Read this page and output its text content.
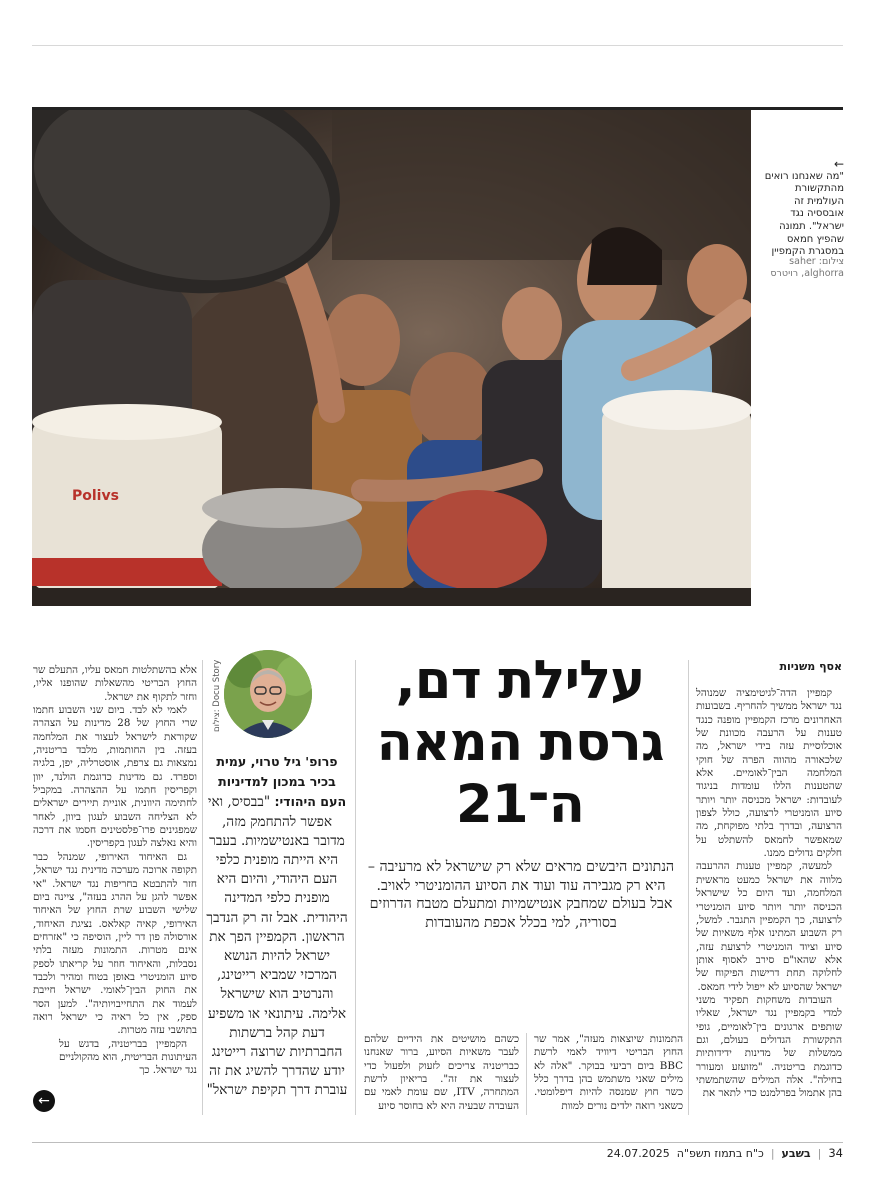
Polivs
←
"מה שאנחנו רואים מהתקשורת העולמית זה אובססיה נגד ישראל". תמונה שהפיץ חמאס במסגרת הקמפיין
צילום: saher alghorra, רויטרס
אסף משניות

קמפיין הדה־לגיטימציה שמנוהל נגד ישראל ממשיך להחריף. בשבועות האחרונים מרכז הקמפיין מופנה כנגד טענות על הרעבה מכוונת של אוכלוסיית עזה בידי ישראל, מה שלכאורה מהווה הפרה של חוקי המלחמה הבין־לאומיים. אלא שהטענות הללו עומדות בניגוד לעובדות: ישראל מכניסה יותר ויותר סיוע הומניטרי לרצועה, כולל לצפון הרצועה, ובדרך בלתי מפוקחת, מה שמאפשר לחמאס להשתלט על חלקים גדולים ממנו.

למעשה, קמפיין טענות ההרעבה מלווה את ישראל כמעט מראשית המלחמה, ועד היום כל שישראל הכניסה יותר ויותר סיוע הומניטרי לרצועה, כך הקמפיין התגבר. למשל, רק השבוע המתינו אלף משאיות של סיוע וציוד הומניטרי לרצועת עזה, אלא שהאו"ם סירב לאסוף אותן לחלוקה תחת דרישות הפיקוח של ישראל שהסיוע לא ייפול לידי חמאס.

העובדות משחקות תפקיד משני למדי בקמפיין נגד ישראל, שאליו שותפים ארגונים בין־לאומיים, גופי התקשורת הגדולים בעולם, וגם ממשלות של מדינות ידידותיות כדוגמת בריטניה. "מזועזע ומעורר בחילה". אלה המילים שהשתמשתי בהן אתמול בפרלמנט כדי לתאר את

עלילת דם,
גרסת המאה
ה־21
הנתונים היבשים מראים שלא רק שישראל לא מרעיבה – היא רק מגבירה עוד ועוד את הסיוע ההומניטרי לאויב. אבל בעולם שמחבק אנטישמיות ומתעלם מטבח הדרוזים בסוריה, למי בכלל אכפת מהעובדות

התמונות שיוצאות מעזה", אמר שר החוץ הבריטי דיוויד לאמי לרשת BBC ביום רביעי בבוקר. "אלה לא מילים שאני משתמש בהן בדרך כלל כשר חוץ שמנסה להיות דיפלומטי. כשאני רואה ילדים נורים למוות

כשהם מושיטים את הידיים שלהם לעבר משאיות הסיוע, ברור שאנחנו כבריטניה צריכים לזעוק ולפעול כדי לעצור את זה". בריאיון לרשת המתחרה, ITV, שם עומת לאמי עם העובדה שבעיה היא לא בחוסר סיוע

צילום: Docu Story
פרופ' גיל טרוי, עמית בכיר במכון למדיניות העם היהודי: "בבסיס, ואי אפשר להתחמק מזה, מדובר באנטישמיות. בעבר היא הייתה מופנית כלפי העם היהודי, והיום היא מופנית כלפי המדינה היהודית. אבל זה רק הנדבך הראשון. הקמפיין הפך את ישראל להיות הנושא המרכזי שמביא רייטינג, והנרטיב הוא שישראל אלימה. עיתונאי או משפיע דעת קהל ברשתות החברתיות שרוצה רייטינג יודע שהדרך להשיג את זה עוברת דרך תקיפת ישראל"

אלא בהשתלטות חמאס עליו, התעלם שר החוץ הבריטי מהשאלות שהופנו אליו, וחזר לתקוף את ישראל.

לאמי לא לבד. ביום שני השבוע חתמו שרי החוץ של 28 מדינות על הצהרה שקוראת לישראל לעצור את המלחמה בעזה. בין החותמות, מלבד בריטניה, נמצאות גם צרפת, אוסטרליה, יפן, בלגיה וספרד. גם מדינות כדוגמת הולנד, יוון וקפריסין חתמו על ההצהרה. במקביל לחתימה היוונית, אוניית תיירים ישראלים לא הצליחה השבוע לעגון ביוון, לאחר שמפגינים פרו־פלסטינים חסמו את דרכה והיא נאלצה לעגון בקפריסין.

גם האיחוד האירופי, שמנהל כבר תקופה ארוכה מערכה מדינית נגד ישראל, חזר להתבטא בחריפות נגד ישראל. "אי אפשר להגן על ההרג בעזה", ציינה ביום שלישי השבוע שרת החוץ של האיחוד האירופי, קאיה קאלאס. נציגת האיחוד, אורסולה פון דר ליין, הוסיפה כי "אזרחים אינם מטרות. התמונות מעזה בלתי נסבלות, והאיחוד חוזר על קריאתו לספק סיוע הומניטרי באופן בטוח ומהיר ולכבד את החוק הבין־לאומי. ישראל חייבת לעמוד את התחייבויותיה". למען הסר ספק, אין כל ראיה כי ישראל רואה בתושבי עזה מטרות.

הקמפיין בבריטניה, בדגש על העיתונות הבריטית, הוא מהקולניים נגד ישראל. כך

←
34
|
בשבע
|
כ"ח בתמוז תשפ"ה
24.07.2025
